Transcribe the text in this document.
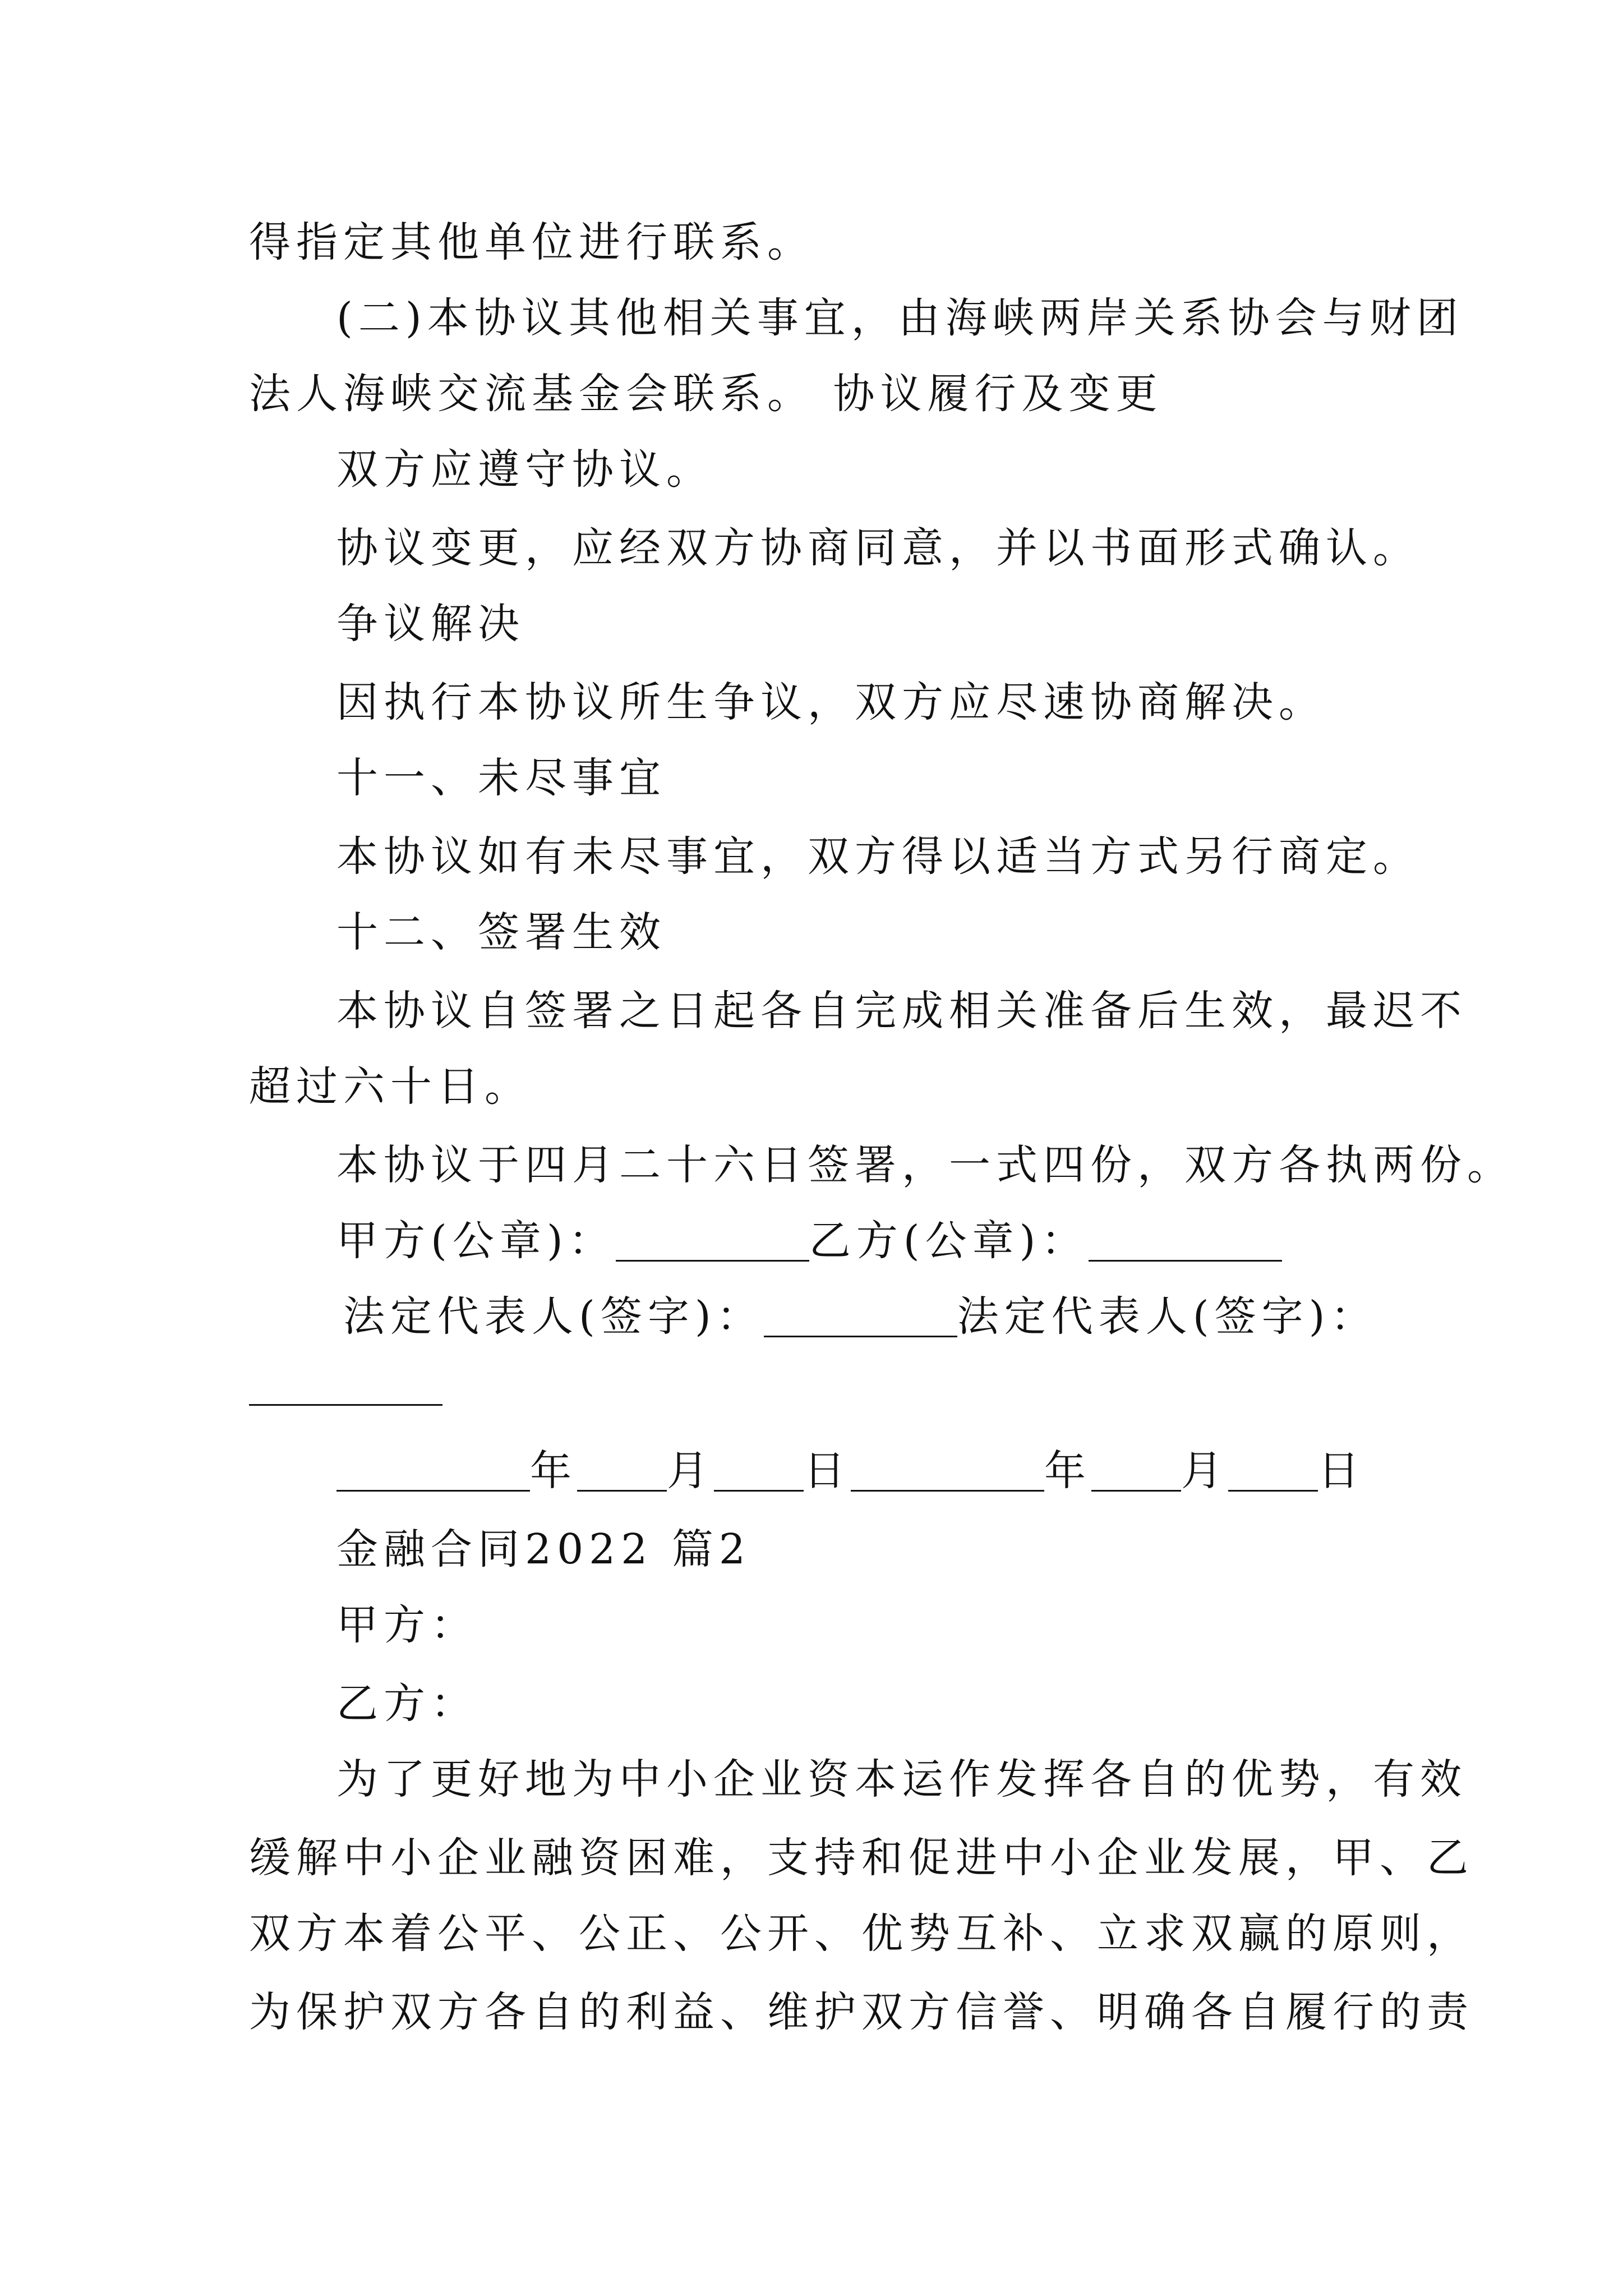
得指定其他单位进行联系。
(二)本协议其他相关事宜，由海峡两岸关系协会与财团
法人海峡交流基金会联系。 协议履行及变更
双方应遵守协议。
协议变更，应经双方协商同意，并以书面形式确认。
争议解决
因执行本协议所生争议，双方应尽速协商解决。
十一、未尽事宜
本协议如有未尽事宜，双方得以适当方式另行商定。
十二、签署生效
本协议自签署之日起各自完成相关准备后生效，最迟不
超过六十日。
本协议于四月二十六日签署，一式四份，双方各执两份。
甲方(公章)：	乙方(公章)：
法定代表人(签字)：	法定代表人(签字)：
年 月 日	年 月 日
金融合同2022 篇2
甲方：
乙方：
为了更好地为中小企业资本运作发挥各自的优势，有效
缓解中小企业融资困难，支持和促进中小企业发展，甲、乙
双方本着公平、公正、公开、优势互补、立求双赢的原则，
为保护双方各自的利益、维护双方信誉、明确各自履行的责
